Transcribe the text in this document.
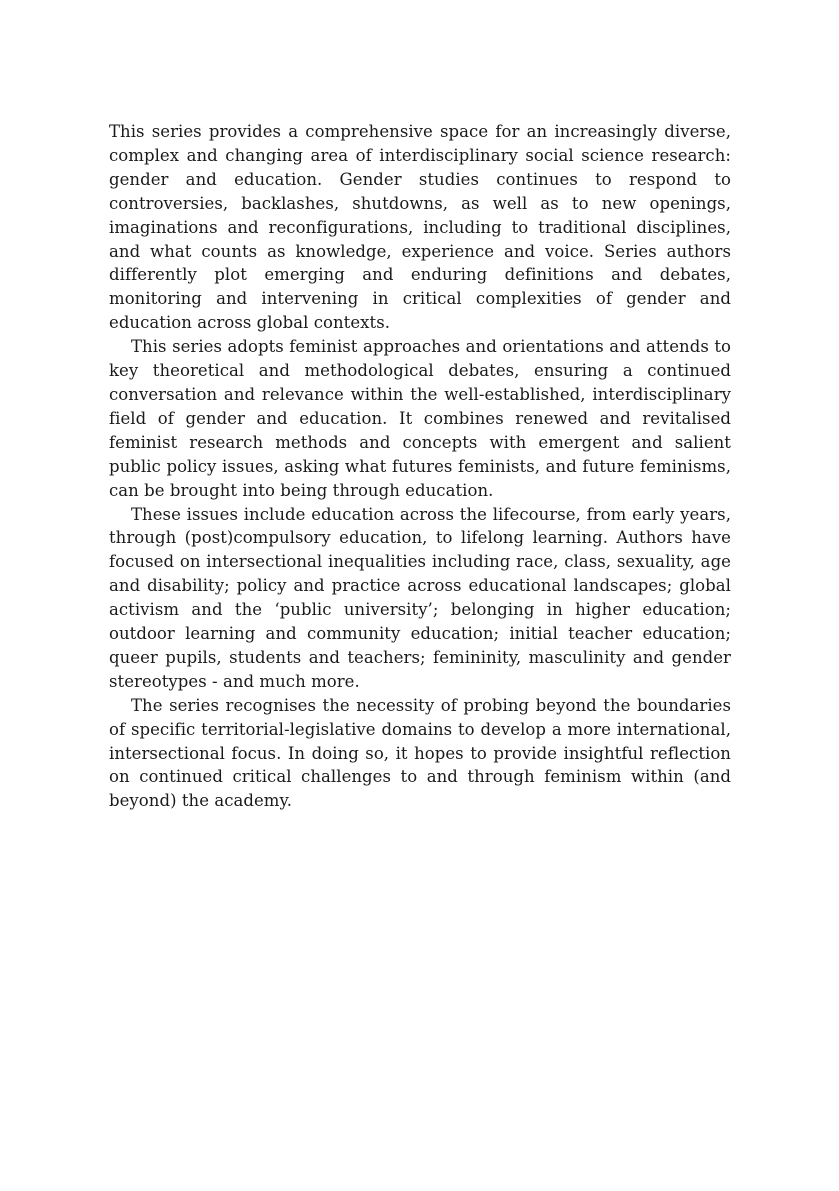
This series provides a comprehensive space for an increasingly diverse, complex and changing area of interdisciplinary social science research: gender and education. Gender studies continues to respond to controversies, backlashes, shutdowns, as well as to new openings, imaginations and reconfigurations, including to traditional disciplines, and what counts as knowledge, experience and voice. Series authors differently plot emerging and enduring definitions and debates, monitoring and intervening in critical complexities of gender and education across global contexts.

This series adopts feminist approaches and orientations and attends to key theoretical and methodological debates, ensuring a continued conversation and relevance within the well-established, interdisciplinary field of gender and education. It combines renewed and revitalised feminist research methods and concepts with emergent and salient public policy issues, asking what futures feminists, and future feminisms, can be brought into being through education.

These issues include education across the lifecourse, from early years, through (post)compulsory education, to lifelong learning. Authors have focused on intersectional inequalities including race, class, sexuality, age and disability; policy and practice across educational landscapes; global activism and the ‘public university’; belonging in higher education; outdoor learning and community education; initial teacher education; queer pupils, students and teachers; femininity, masculinity and gender stereotypes - and much more.

The series recognises the necessity of probing beyond the boundaries of specific territorial-legislative domains to develop a more international, intersectional focus. In doing so, it hopes to provide insightful reflection on continued critical challenges to and through feminism within (and beyond) the academy.
